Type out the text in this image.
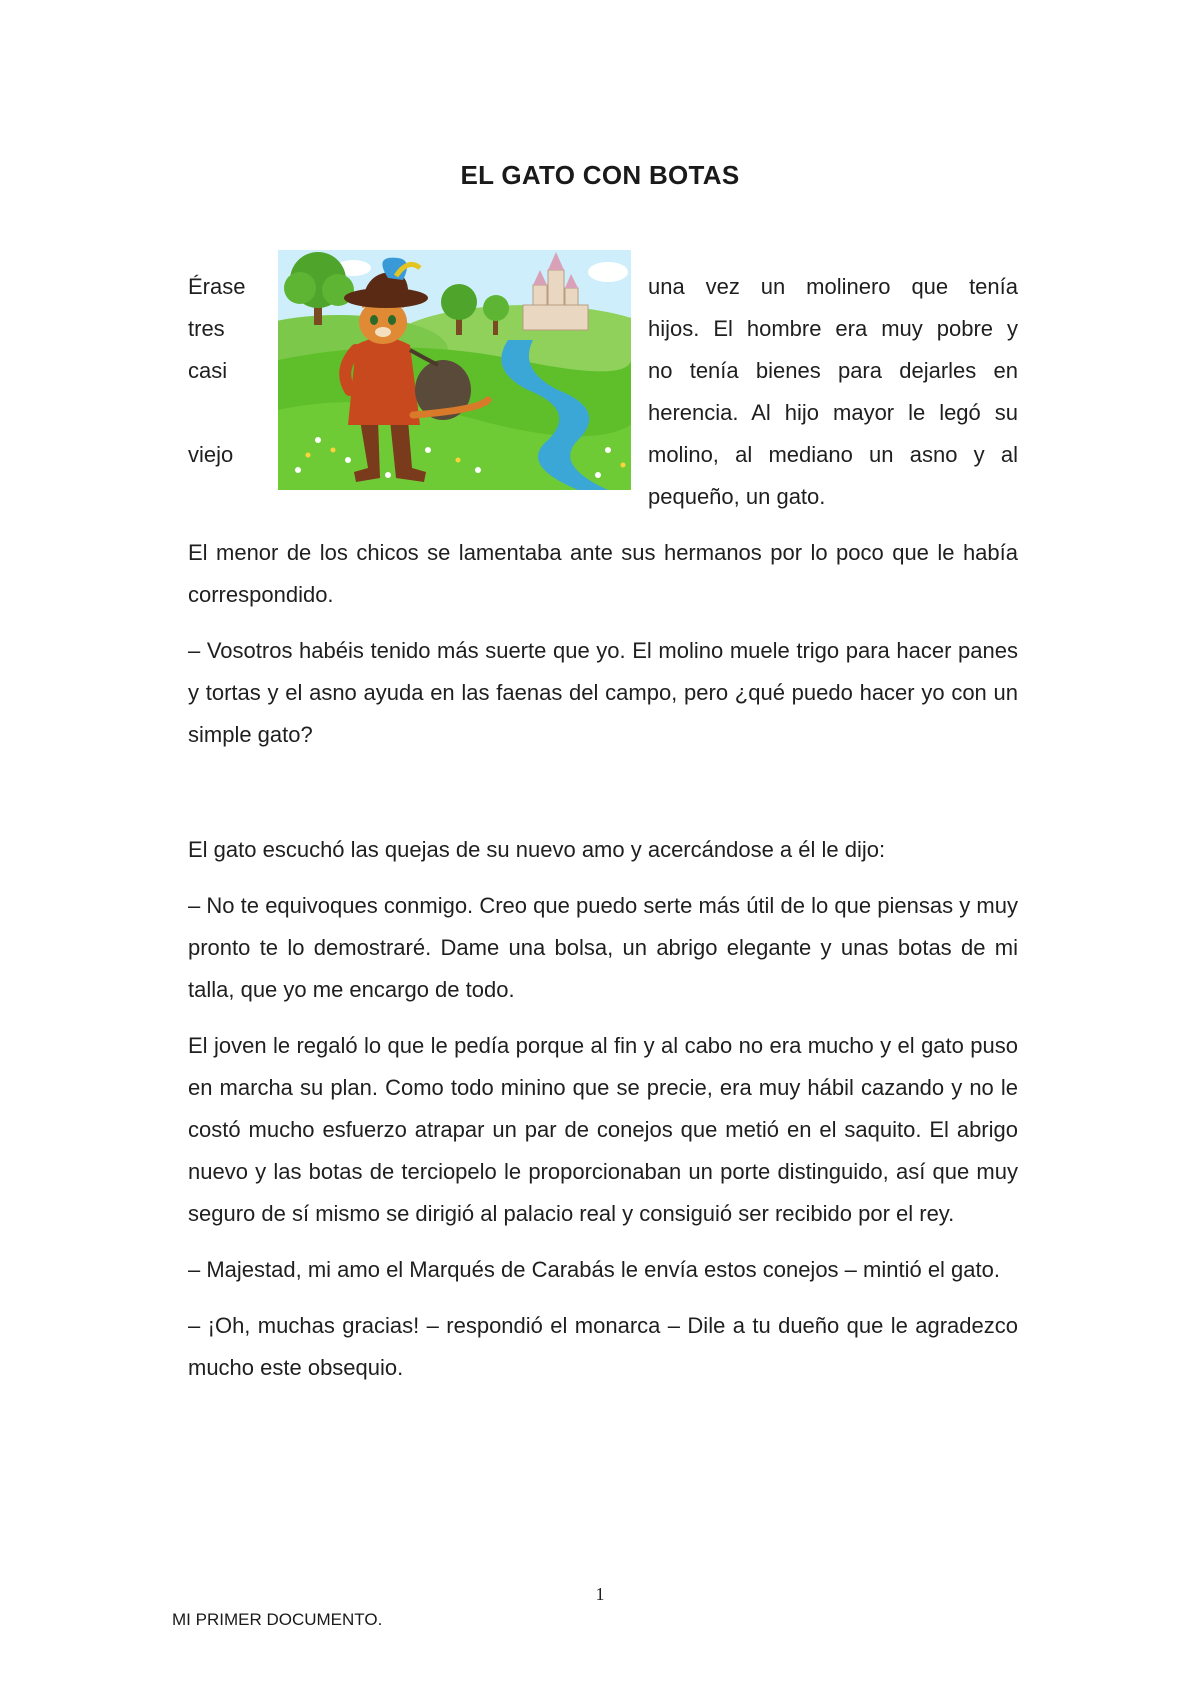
EL GATO CON BOTAS
Érase
tres
casi
viejo
una vez un molinero que tenía
hijos. El hombre era muy pobre y
no tenía bienes para dejarles en
herencia. Al hijo mayor le legó su
molino, al mediano un asno y al
pequeño, un gato.

El menor de los chicos se lamentaba ante sus hermanos por lo poco que le había correspondido.

– Vosotros habéis tenido más suerte que yo. El molino muele trigo para hacer panes y tortas y el asno ayuda en las faenas del campo, pero ¿qué puedo hacer yo con un simple gato?

El gato escuchó las quejas de su nuevo amo y acercándose a él le dijo:

– No te equivoques conmigo. Creo que puedo serte más útil de lo que piensas y muy pronto te lo demostraré. Dame una bolsa, un abrigo elegante y unas botas de mi talla, que yo me encargo de todo.

El joven le regaló lo que le pedía porque al fin y al cabo no era mucho y el gato puso en marcha su plan. Como todo minino que se precie, era muy hábil cazando y no le costó mucho esfuerzo atrapar un par de conejos que metió en el saquito. El abrigo nuevo y las botas de terciopelo le proporcionaban un porte distinguido, así que muy seguro de sí mismo se dirigió al palacio real y consiguió ser recibido por el rey.

– Majestad, mi amo el Marqués de Carabás le envía estos conejos – mintió el gato.

– ¡Oh, muchas gracias! – respondió el monarca – Dile a tu dueño que le agradezco mucho este obsequio.

1
MI PRIMER DOCUMENTO.
